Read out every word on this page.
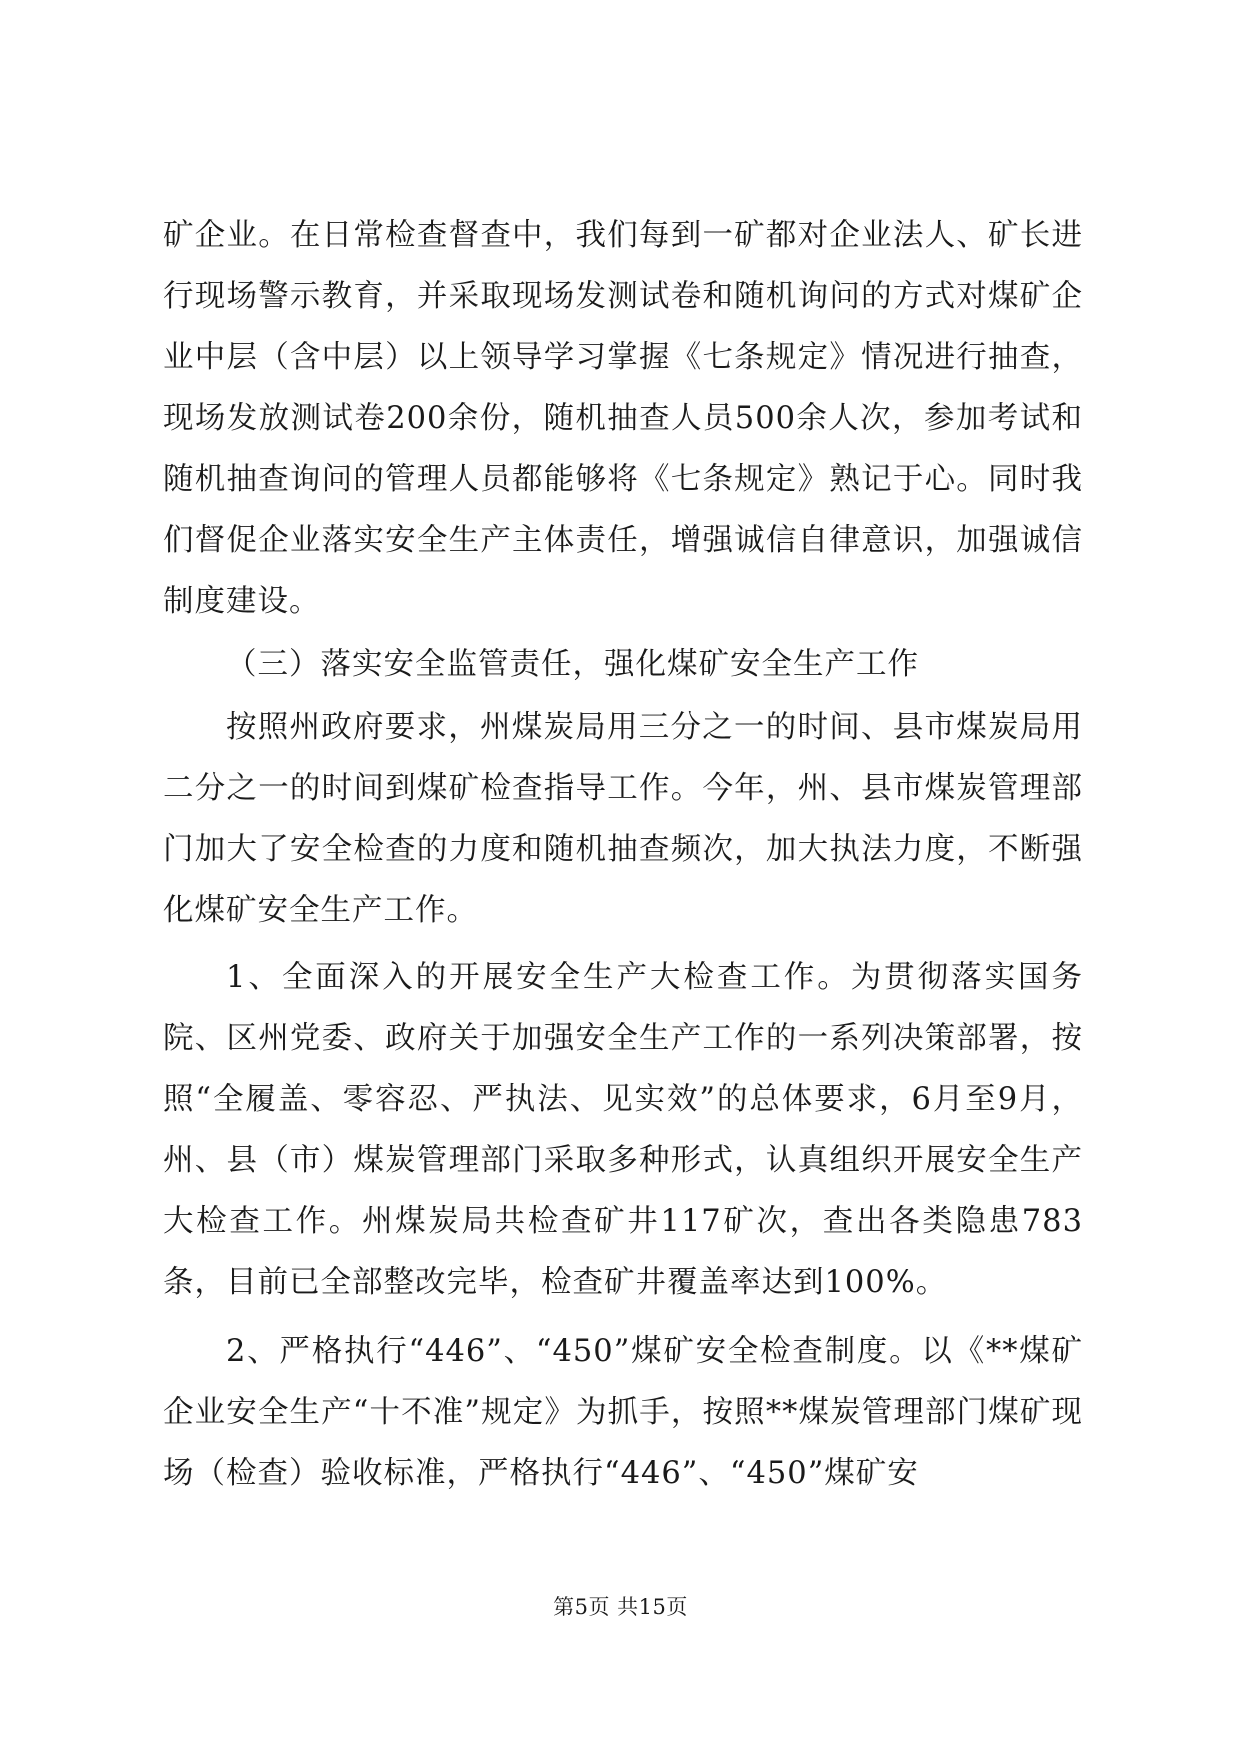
矿企业。在日常检查督查中，我们每到一矿都对企业法人、矿长进行现场警示教育，并采取现场发测试卷和随机询问的方式对煤矿企业中层（含中层）以上领导学习掌握《七条规定》情况进行抽查，现场发放测试卷200余份，随机抽查人员500余人次，参加考试和随机抽查询问的管理人员都能够将《七条规定》熟记于心。同时我们督促企业落实安全生产主体责任，增强诚信自律意识，加强诚信制度建设。

（三）落实安全监管责任，强化煤矿安全生产工作

按照州政府要求，州煤炭局用三分之一的时间、县市煤炭局用二分之一的时间到煤矿检查指导工作。今年，州、县市煤炭管理部门加大了安全检查的力度和随机抽查频次，加大执法力度，不断强化煤矿安全生产工作。

1、全面深入的开展安全生产大检查工作。为贯彻落实国务院、区州党委、政府关于加强安全生产工作的一系列决策部署，按照“全履盖、零容忍、严执法、见实效”的总体要求，6月至9月，州、县（市）煤炭管理部门采取多种形式，认真组织开展安全生产大检查工作。州煤炭局共检查矿井117矿次，查出各类隐患783条，目前已全部整改完毕，检查矿井覆盖率达到100%。

2、严格执行“446”、“450”煤矿安全检查制度。以《**煤矿企业安全生产“十不准”规定》为抓手，按照**煤炭管理部门煤矿现场（检查）验收标准，严格执行“446”、“450”煤矿安

第5页 共15页
